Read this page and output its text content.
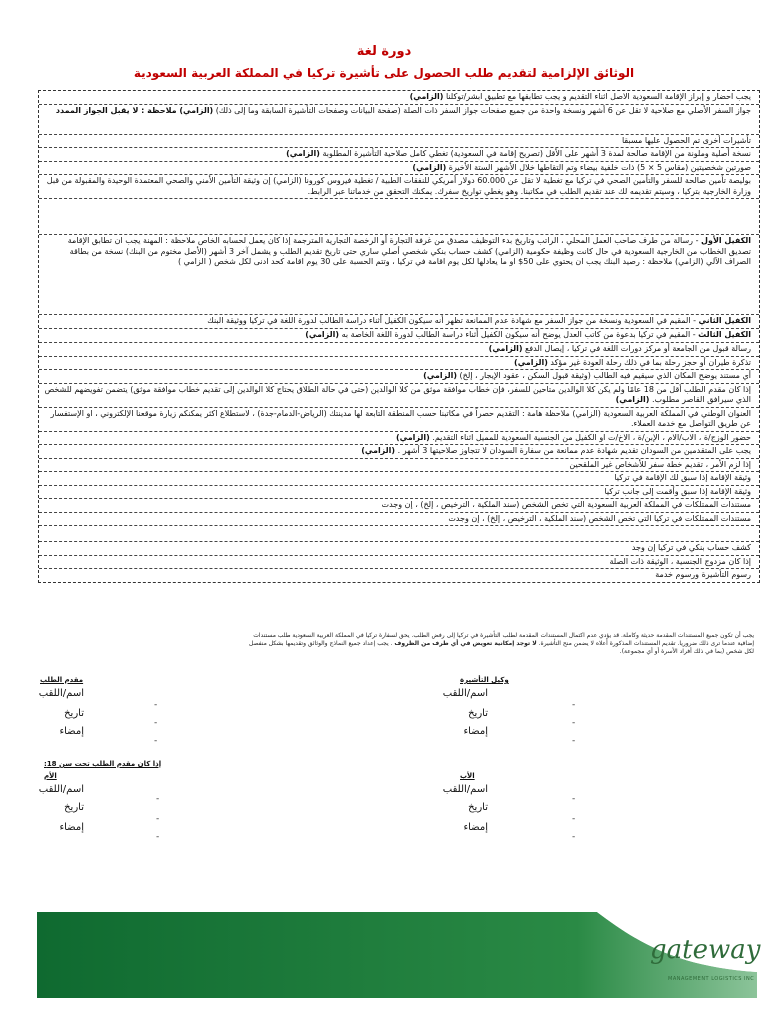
دورة لغة
الوثائق الإلزامية لتقديم طلب الحصول على تأشيرة تركيا في المملكة العربية السعودية
يجب احضار و إبراز الإقامة السعودية الاصل اثناء التقديم و يجب تطابقها مع تطبيق ابشر/توكلنا (الزامي)
جواز السفر الأصلي مع صلاحية لا تقل عن 6 أشهر ونسخة واحدة من جميع صفحات جواز السفر ذات الصلة (صفحة البيانات وصفحات التأشيرة السابقة وما إلى ذلك) (الزامي) ملاحظة : لا يقبل الجواز الممدد
تأشيرات أخرى تم الحصول عليها مسبقا
نسخة أصلية وملونة من الإقامة صالحة لمدة 3 أشهر على الأقل (تصريح إقامة في السعودية) تغطي كامل صلاحية التأشيرة المطلوبة (الزامي)
صورتين شخصيتين (مقاس 5 × 5) ذات خلفية بيضاء وتم التقاطها خلال الأشهر الستة الأخيرة (الزامي)
بوليصة تأمين صالحة للسفر والتأمين الصحي في تركيا مع تغطية لا تقل عن 60.000 دولار أمريكي للنفقات الطبية / تغطية فيروس كورونا (الزامي) إن وثيقة التأمين الأمني والصحي المعتمدة الوحيدة والمقبولة من قبل وزارة الخارجية بتركيا ، وسيتم تقديمه لك عند تقديم الطلب في مكاتبنا. وهو يغطي تواريخ سفرك. يمكنك التحقق من خدماتنا عبر الرابط.
الكفيل الأول - رسالة من طرف صاحب العمل المحلي ، الراتب وتاريخ بدء التوظيف مصدق من غرفة التجارة أو الرخصة التجارية المترجمة إذا كان يعمل لحسابه الخاص ملاحظة : المهنة يجب ان تطابق الإقامة تصديق الخطاب من الخارجية السعودية في حال كانت وظيفة حكومية (الزامي) كشف حساب بنكي شخصي أصلي ساري حتى تاريخ تقديم الطلب و يشمل آخر 3 أشهر (الأصل مختوم من البنك) نسخة من بطاقة الصراف الآلي (الزامي) ملاحظة : رصيد البنك يجب ان يحتوي على 50$ او ما يعادلها لكل يوم اقامة في تركيا ، وتتم الحسبة على 30 يوم اقامة كحد ادنى لكل شخص ( الزامي )
الكفيل الثاني - المقيم في السعودية ونسخة من جواز السفر مع شهادة عدم الممانعة تظهر أنه سيكون الكفيل أثناء دراسة الطالب لدورة اللغة في تركيا ووثيقة البنك
الكفيل الثالث - المقيم في تركيا بدعوة من كاتب العدل يوضح أنه سيكون الكفيل أثناء دراسة الطالب لدورة اللغة الخاصة به (الزامي)
رسالة قبول من الجامعة أو مركز دورات اللغة في تركيا ، إيصال الدفع (الزامي)
تذكرة طيران أو حجز رحلة بما في ذلك رحلة العودة غير مؤكد (الزامي)
أي مستند يوضح المكان الذي سيقيم فيه الطالب (وثيقة قبول السكن ، عقود الإيجار ، إلخ) (الزامي)
إذا كان مقدم الطلب أقل من 18 عامًا ولم يكن كلا الوالدين متاحين للسفر، فإن خطاب موافقة موثق من كلا الوالدين (حتى في حالة الطلاق يحتاج كلا الوالدين إلى تقديم خطاب موافقة موثق) يتضمن تفويضهم للشخص الذي سيرافق القاصر مطلوب. (الزامي)
العنوان الوطني في المملكة العربية السعودية (الزامي) ملاحظة هامة : التقديم حصراً في مكاتبنا حسب المنطقة التابعة لها مدينتك (الرياض-الدمام-جدة) ، لاستطلاع اكثر يمكنكم زيارة موقعنا الإلكتروني ، او الإستفسار عن طريق التواصل مع خدمة العملاء.
حضور الوزج/ة ، الاب/الام ، الإبن/ة ، الاخ/ت او الكفيل من الجنسية السعودية للمميل اثناء التقديم. (الزامي)
يجب على المتقدمين من السودان تقديم شهادة عدم ممانعة من سفارة السودان لا تتجاوز صلاحيتها 3 أشهر . (الزامي)
إذا لزم الأمر ، تقديم خطة سفر للأشخاص غير الملقحين
وثيقة الإقامة إذا سبق لك الإقامة في تركيا
وثيقة الإقامة إذا سبق وأقمت إلى جانب تركيا
مستندات الممتلكات في المملكة العربية السعودية التي تخص الشخص (سند الملكية ، الترخيص ، إلخ) ، إن وجدت
مستندات الممتلكات في تركيا التي تخص الشخص (سند الملكية ، الترخيص ، إلخ) ، إن وجدت
كشف حساب بنكي في تركيا إن وجد
إذا كان مزدوج الجنسية ، الوثيقة ذات الصلة
رسوم التأشيرة ورسوم خدمة
يجب أن تكون جميع المستندات المقدمة حديثة وكاملة. قد يؤدي عدم اكتمال المستندات المقدمة لطلب التأشيرة في تركيا إلى رفض الطلب. يحق لسفارة تركيا في المملكة العربية السعودية طلب مستندات
إضافية عندما ترى ذلك ضروريا. تقديم المستندات المذكورة أعلاه لا يضمن منح التأشيرة. لا توجد إمكانية تعويض في أي طرف من الظروف . يجب إعداد جميع النماذج والوثائق وتقديمها بشكل منفصل
لكل شخص (بما في ذلك أفراد الأسرة أو أي مجموعة).
مقدم الطلب
اسم/اللقب
-
تاريخ
-
إمضاء
-
وكيل التأشيرة
اسم/اللقب
-
تاريخ
-
إمضاء
-
إذا كان مقدم الطلب تحت سن 18:
الأم
اسم/اللقب
-
تاريخ
-
إمضاء
-
الأب
اسم/اللقب
-
تاريخ
-
إمضاء
-
gateway
MANAGEMENT LOGISTICS INC
